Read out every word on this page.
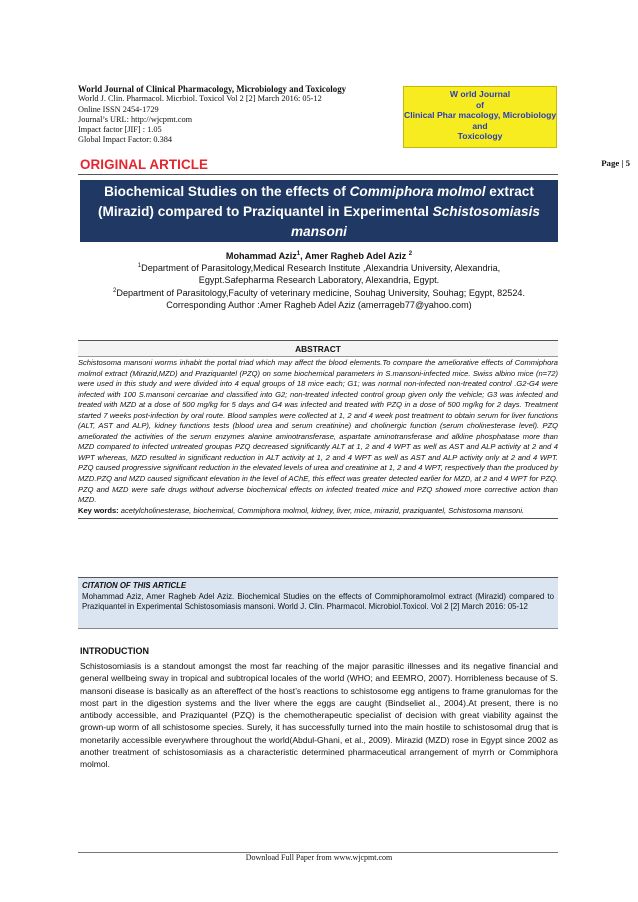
World Journal of Clinical Pharmacology, Microbiology and Toxicology
World J. Clin. Pharmacol. Micrbiol. Toxicol Vol 2 [2] March 2016: 05-12
Online ISSN 2454-1729
Journal’s URL: http://wjcpmt.com
Impact factor [JIF] : 1.05
Global Impact Factor: 0.384
W orld Journal
of
Clinical Phar macology, Microbiology
and
Toxicology
ORIGINAL ARTICLE	Page | 5
Biochemical Studies on the effects of Commiphora molmol extract
(Mirazid) compared to Praziquantel in Experimental Schistosomiasis
mansoni
Mohammad Aziz$^1$, Amer Ragheb Adel Aziz $^2$
$^1$Department of Parasitology,Medical Research Institute ,Alexandria University, Alexandria,
Egypt.Safepharma Research Laboratory, Alexandria, Egypt.
$^2$Department of Parasitology,Faculty of veterinary medicine, Souhag University, Souhag; Egypt, 82524.
Corresponding Author :Amer Ragheb Adel Aziz (amerrageb77@yahoo.com)
ABSTRACT
Schistosoma mansoni worms inhabit the portal triad which may affect the blood elements.To compare the ameliorative effects of Commiphora molmol extract (Mirazid,MZD) and Praziquantel (PZQ) on some biochemical parameters in S.mansoni-infected mice. Swiss albino mice (n=72) were used in this study and were divided into 4 equal groups of 18 mice each; G1; was normal non-infected non-treated control .G2-G4 were infected with 100 S.mansoni cercariae and classified into G2; non-treated infected control group given only the vehicle; G3 was infected and treated with MZD at a dose of 500 mg/kg for 5 days and G4 was infected and treated with PZQ in a dose of 500 mg/kg for 2 days. Treatment started 7 weeks post-infection by oral route. Blood samples were collected at 1, 2 and 4 week post treatment to obtain serum for liver functions (ALT, AST and ALP), kidney functions tests (blood urea and serum creatinine) and cholinergic function (serum cholinesterase level). PZQ ameliorated the activities of the serum enzymes alanine aminotransferase, aspartate aminotransferase and alkline phosphatase more than MZD compared to infected untreated groupas PZQ decreased significantly ALT at 1, 2 and 4 WPT as well as AST and ALP activity at 2 and 4 WPT whereas, MZD resulted in significant reduction in ALT activity at 1, 2 and 4 WPT as well as AST and ALP activity only at 2 and 4 WPT. PZQ caused progressive significant reduction in the elevated levels of urea and creatinine at 1, 2 and 4 WPT, respectively than the produced by MZD.PZQ and MZD caused significant elevation in the level of AChE, this effect was greater detected earlier for MZD, at 2 and 4 WPT for PZQ. PZQ and MZD were safe drugs without adverse biochemical effects on infected treated mice and PZQ showed more corrective action than MZD.
Key words: acetylcholinesterase, biochemical, Commiphora molmol, kidney, liver, mice, mirazid, praziquantel, Schistosoma mansoni.
CITATION OF THIS ARTICLE
Mohammad Aziz, Amer Ragheb Adel Aziz. Biochemical Studies on the effects of Commiphoramolmol extract (Mirazid) compared to Praziquantel in Experimental Schistosomiasis mansoni. World J. Clin. Pharmacol. Microbiol.Toxicol. Vol 2 [2] March 2016: 05-12
INTRODUCTION
Schistosomiasis is a standout amongst the most far reaching of the major parasitic illnesses and its negative financial and general wellbeing sway in tropical and subtropical locales of the world (WHO; and EEMRO, 2007). Horribleness because of S. mansoni disease is basically as an aftereffect of the host’s reactions to schistosome egg antigens to frame granulomas for the most part in the digestion systems and the liver where the eggs are caught (Bindseliet al., 2004).At present, there is no antibody accessible, and Praziquantel (PZQ) is the chemotherapeutic specialist of decision with great viability against the grown-up worm of all schistosome species. Surely, it has successfully turned into the main hostile to schistosomal drug that is monetarily accessible everywhere throughout the world(Abdul-Ghani, et al., 2009). Mirazid (MZD) rose in Egypt since 2002 as another treatment of schistosomiasis as a characteristic determined pharmaceutical arrangement of myrrh or Commiphora molmol.
Download Full Paper from www.wjcpmt.com
